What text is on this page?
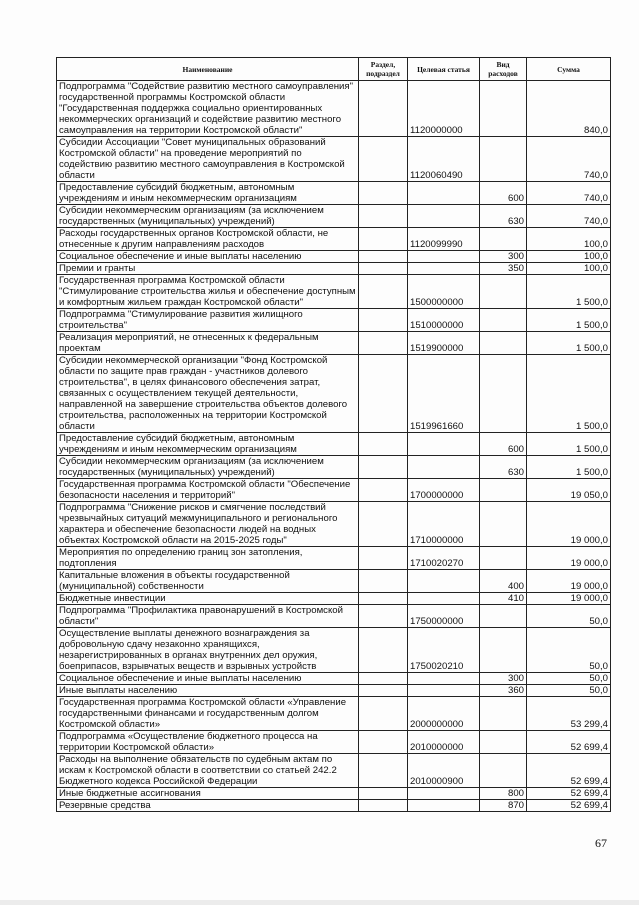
Наименование	Раздел, подраздел	Целевая статья	Вид расходов	Сумма
Подпрограмма "Содействие развитию местного самоуправления" государственной программы Костромской области "Государственная поддержка социально ориентированных некоммерческих организаций и содействие развитию местного самоуправления на территории Костромской области"		1120000000		840,0
Субсидии Ассоциации "Совет муниципальных образований Костромской области" на проведение мероприятий по содействию развитию местного самоуправления в Костромской области		1120060490		740,0
Предоставление субсидий бюджетным, автономным учреждениям и иным некоммерческим организациям			600	740,0
Субсидии некоммерческим организациям (за исключением государственных (муниципальных) учреждений)			630	740,0
Расходы государственных органов Костромской области, не отнесенные к другим направлениям расходов		1120099990		100,0
Социальное обеспечение и иные выплаты населению			300	100,0
Премии и гранты			350	100,0
Государственная программа Костромской области "Стимулирование строительства жилья и обеспечение доступным и комфортным жильем граждан Костромской области"		1500000000		1 500,0
Подпрограмма "Стимулирование развития жилищного строительства"		1510000000		1 500,0
Реализация мероприятий, не отнесенных к федеральным проектам		1519900000		1 500,0
Субсидии некоммерческой организации "Фонд Костромской области по защите прав граждан - участников долевого строительства", в целях финансового обеспечения затрат, связанных с осуществлением текущей деятельности, направленной на завершение строительства объектов долевого строительства, расположенных на территории Костромской области		1519961660		1 500,0
Предоставление субсидий бюджетным, автономным учреждениям и иным некоммерческим организациям			600	1 500,0
Субсидии некоммерческим организациям (за исключением государственных (муниципальных) учреждений)			630	1 500,0
Государственная программа Костромской области "Обеспечение безопасности населения и территорий"		1700000000		19 050,0
Подпрограмма "Снижение рисков и смягчение последствий чрезвычайных ситуаций межмуниципального и регионального характера и обеспечение безопасности людей на водных объектах Костромской области на 2015-2025 годы"		1710000000		19 000,0
Мероприятия по определению границ зон затопления, подтопления		1710020270		19 000,0
Капитальные вложения в объекты государственной (муниципальной) собственности			400	19 000,0
Бюджетные инвестиции			410	19 000,0
Подпрограмма "Профилактика правонарушений в Костромской области"		1750000000		50,0
Осуществление выплаты денежного вознаграждения за добровольную сдачу незаконно хранящихся, незарегистрированных в органах внутренних дел оружия, боеприпасов, взрывчатых веществ и взрывных устройств		1750020210		50,0
Социальное обеспечение и иные выплаты населению			300	50,0
Иные выплаты населению			360	50,0
Государственная программа Костромской области «Управление государственными финансами и государственным долгом Костромской области»		2000000000		53 299,4
Подпрограмма «Осуществление бюджетного процесса на территории Костромской области»		2010000000		52 699,4
Расходы на выполнение обязательств по судебным актам по искам к Костромской области в соответствии со статьей 242.2 Бюджетного кодекса Российской Федерации		2010000900		52 699,4
Иные бюджетные ассигнования			800	52 699,4
Резервные средства			870	52 699,4
67
